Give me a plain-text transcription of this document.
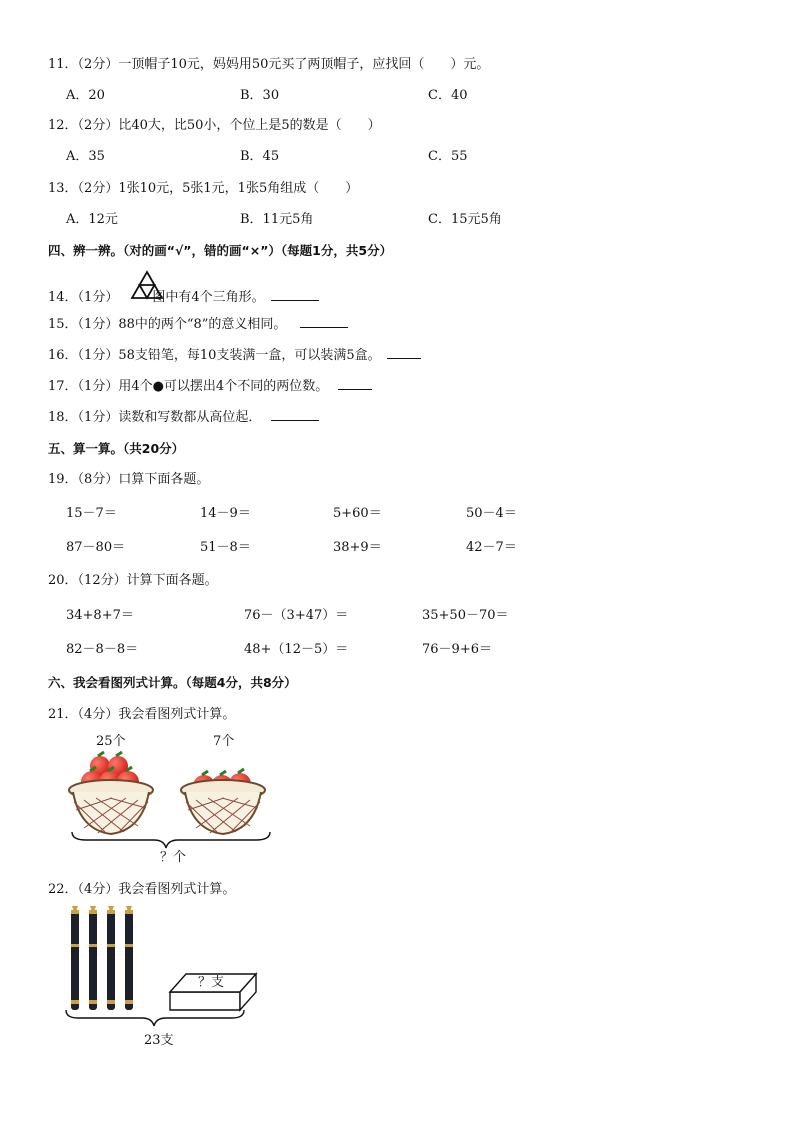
11．（2分）一顶帽子10元，妈妈用50元买了两顶帽子，应找回（　　）元。
A．20	B．30	C．40
12．（2分）比40大，比50小，个位上是5的数是（　　）
A．35	B．45	C．55
13．（2分）1张10元，5张1元，1张5角组成（　　）
A．12元	B．11元5角	C．15元5角
四、辨一辨。（对的画“√”，错的画“×”）（每题1分，共5分）
14．（1分）	图中有4个三角形。
15．（1分）88中的两个“8”的意义相同。
16．（1分）58支铅笔，每10支装满一盒，可以装满5盒。
17．（1分）用4个●可以摆出4个不同的两位数。
18．（1分）读数和写数都从高位起．
五、算一算。（共20分）
19．（8分）口算下面各题。
15－7＝	14－9＝	5+60＝	50－4＝
87－80＝	51－8＝	38+9＝	42－7＝
20．（12分）计算下面各题。
34+8+7＝	76－（3+47）＝	35+50－70＝
82－8－8＝	48+（12－5）＝	76－9+6＝
六、我会看图列式计算。（每题4分，共8分）
21．（4分）我会看图列式计算。
25个	7个
？个
22．（4分）我会看图列式计算。
？支
23支
